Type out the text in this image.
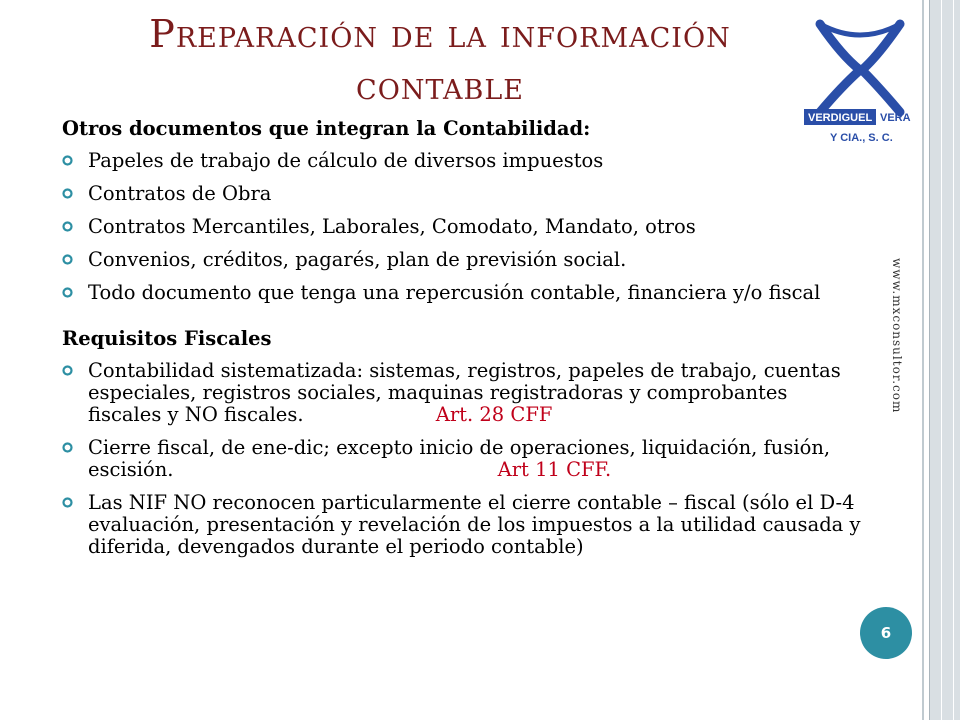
Preparación de la información
contable
VERDIGUEL VERA
Y CIA., S. C.
www.mxconsultor.com
Otros documentos que integran la Contabilidad:
Papeles de trabajo de cálculo de diversos impuestos
Contratos de Obra
Contratos Mercantiles, Laborales, Comodato, Mandato, otros
Convenios, créditos, pagarés, plan de previsión social.
Todo documento que tenga una repercusión contable, financiera y/o fiscal
Requisitos Fiscales
Contabilidad sistematizada: sistemas, registros, papeles de trabajo, cuentas especiales, registros sociales, maquinas registradoras y comprobantes fiscales y NO fiscales.	Art. 28 CFF
Cierre fiscal, de ene-dic; excepto inicio de operaciones, liquidación, fusión, escisión.	Art 11 CFF.
Las NIF NO reconocen particularmente el cierre contable – fiscal (sólo el D-4 evaluación, presentación y revelación de los impuestos a la utilidad causada y diferida, devengados durante el periodo contable)
6
